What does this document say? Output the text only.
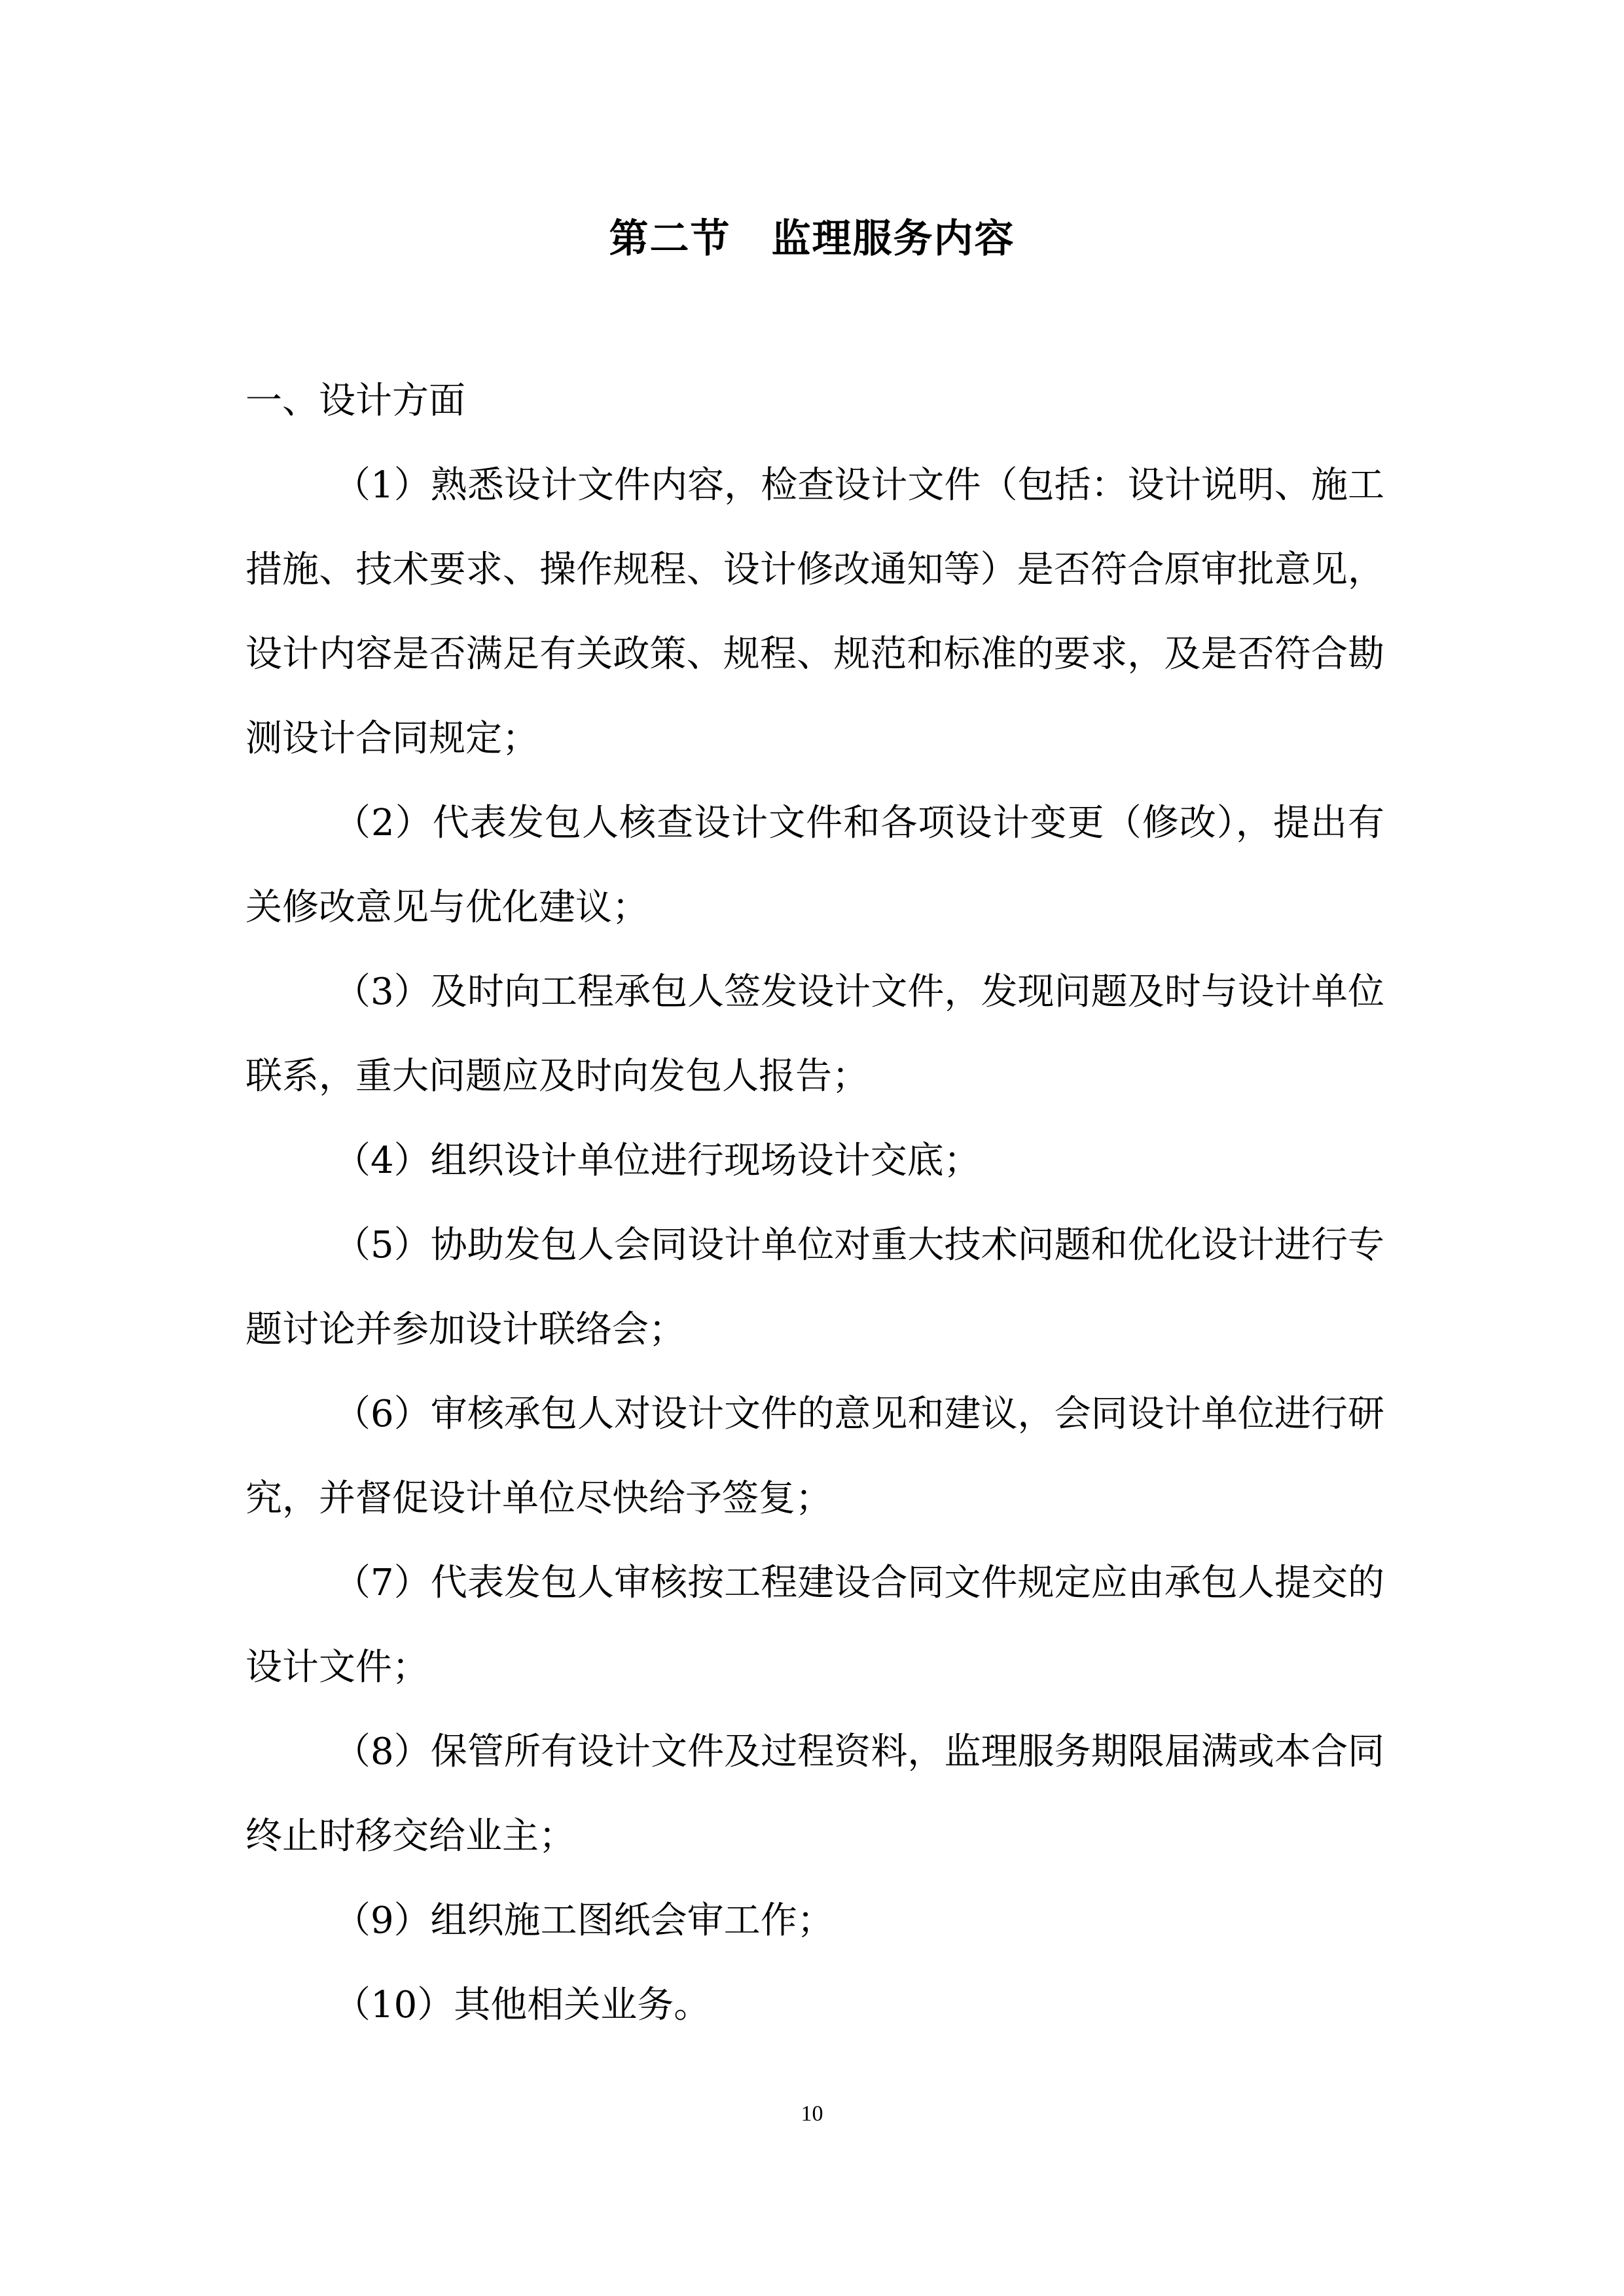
第二节　监理服务内容

一、设计方面

（1）熟悉设计文件内容，检查设计文件（包括：设计说明、施工措施、技术要求、操作规程、设计修改通知等）是否符合原审批意见，设计内容是否满足有关政策、规程、规范和标准的要求，及是否符合勘测设计合同规定；

（2）代表发包人核查设计文件和各项设计变更（修改），提出有关修改意见与优化建议；

（3）及时向工程承包人签发设计文件，发现问题及时与设计单位联系，重大问题应及时向发包人报告；

（4）组织设计单位进行现场设计交底；

（5）协助发包人会同设计单位对重大技术问题和优化设计进行专题讨论并参加设计联络会；

（6）审核承包人对设计文件的意见和建议，会同设计单位进行研究，并督促设计单位尽快给予签复；

（7）代表发包人审核按工程建设合同文件规定应由承包人提交的设计文件；

（8）保管所有设计文件及过程资料，监理服务期限届满或本合同终止时移交给业主；

（9）组织施工图纸会审工作；

（10）其他相关业务。

10
